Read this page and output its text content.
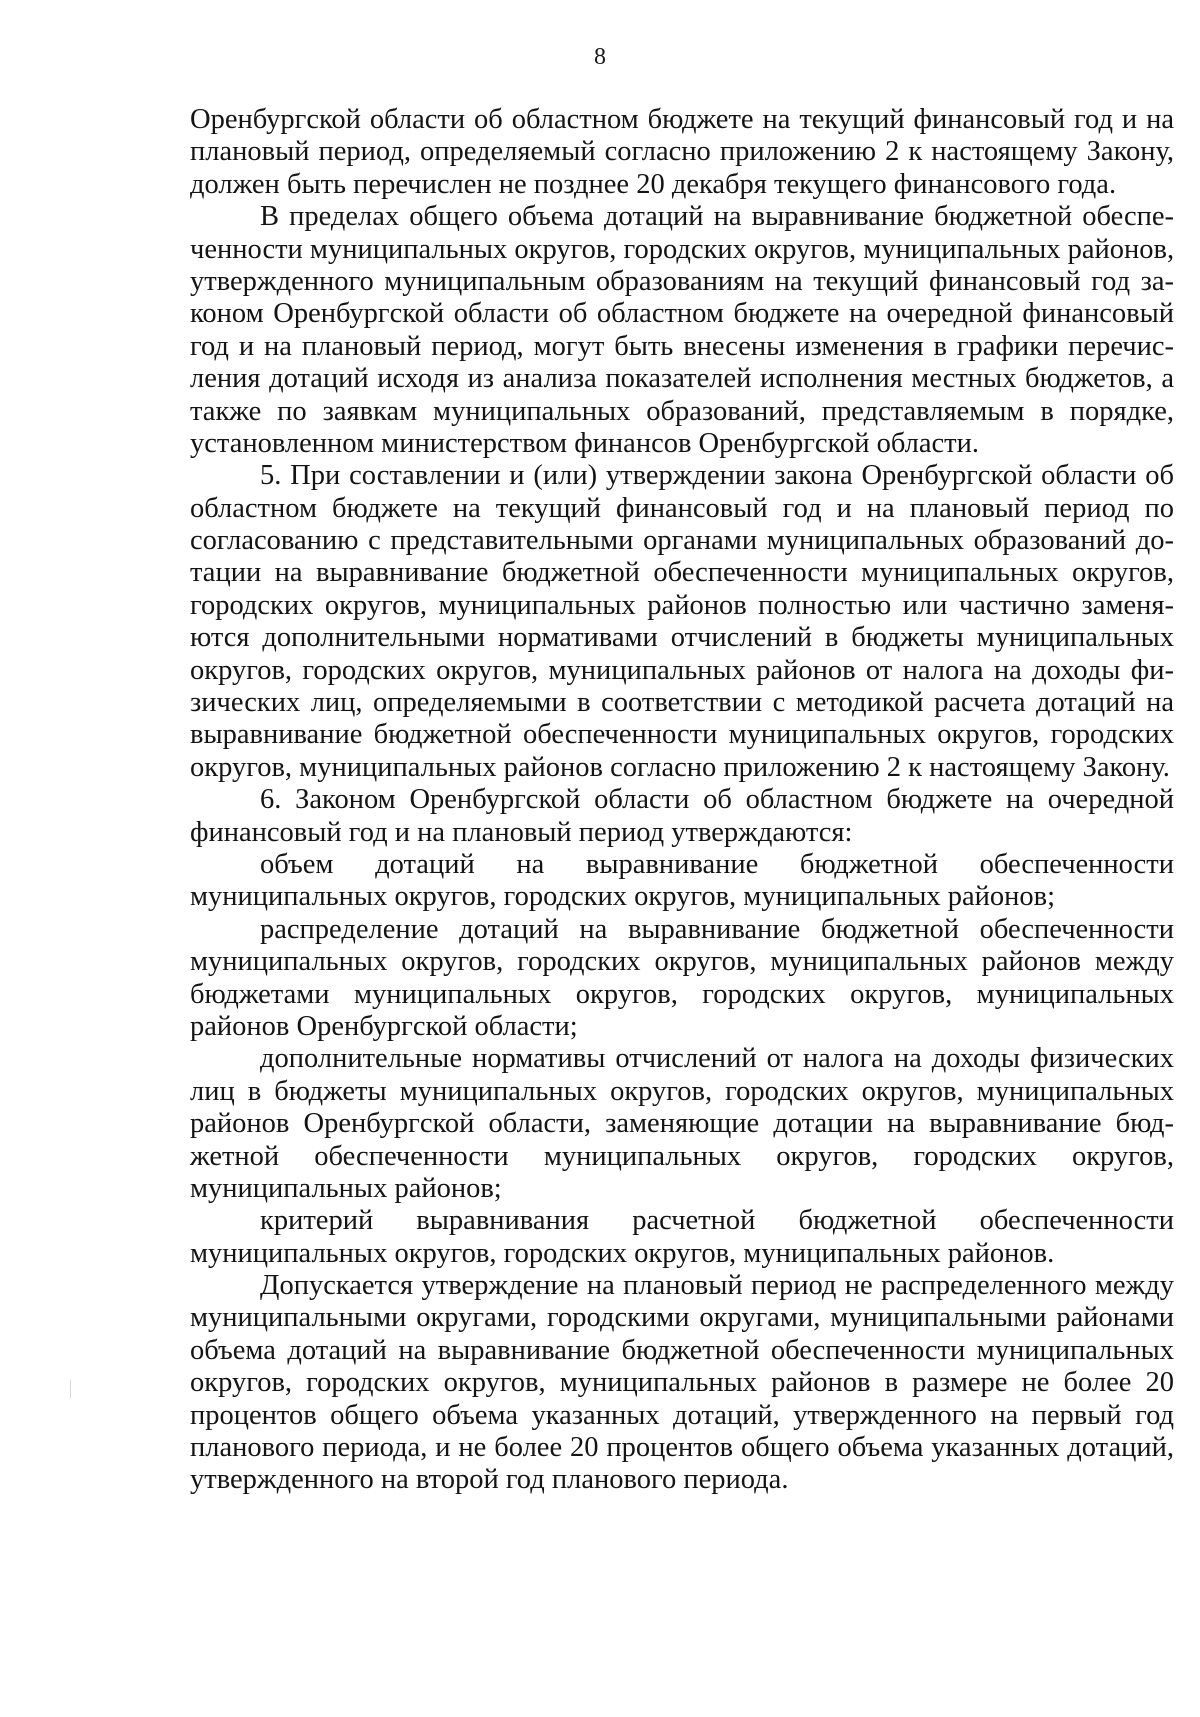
8
Оренбургской области об областном бюджете на текущий финансовый год и на
плановый период, определяемый согласно приложению 2 к настоящему Закону,
должен быть перечислен не позднее 20 декабря текущего финансового года.
В пределах общего объема дотаций на выравнивание бюджетной обеспе-
ченности муниципальных округов, городских округов, муниципальных районов,
утвержденного муниципальным образованиям на текущий финансовый год за-
коном Оренбургской области об областном бюджете на очередной финансовый
год и на плановый период, могут быть внесены изменения в графики перечис-
ления дотаций исходя из анализа показателей исполнения местных бюджетов, а
также по заявкам муниципальных образований, представляемым в порядке,
установленном министерством финансов Оренбургской области.
5. При составлении и (или) утверждении закона Оренбургской области об
областном бюджете на текущий финансовый год и на плановый период по
согласованию с представительными органами муниципальных образований до-
тации на выравнивание бюджетной обеспеченности муниципальных округов,
городских округов, муниципальных районов полностью или частично заменя-
ются дополнительными нормативами отчислений в бюджеты муниципальных
округов, городских округов, муниципальных районов от налога на доходы фи-
зических лиц, определяемыми в соответствии с методикой расчета дотаций на
выравнивание бюджетной обеспеченности муниципальных округов, городских
округов, муниципальных районов согласно приложению 2 к настоящему Закону.
6. Законом Оренбургской области об областном бюджете на очередной
финансовый год и на плановый период утверждаются:
объем дотаций на выравнивание бюджетной обеспеченности
муниципальных округов, городских округов, муниципальных районов;
распределение дотаций на выравнивание бюджетной обеспеченности
муниципальных округов, городских округов, муниципальных районов между
бюджетами муниципальных округов, городских округов, муниципальных
районов Оренбургской области;
дополнительные нормативы отчислений от налога на доходы физических
лиц в бюджеты муниципальных округов, городских округов, муниципальных
районов Оренбургской области, заменяющие дотации на выравнивание бюд-
жетной обеспеченности муниципальных округов, городских округов,
муниципальных районов;
критерий выравнивания расчетной бюджетной обеспеченности
муниципальных округов, городских округов, муниципальных районов.
Допускается утверждение на плановый период не распределенного между
муниципальными округами, городскими округами, муниципальными районами
объема дотаций на выравнивание бюджетной обеспеченности муниципальных
округов, городских округов, муниципальных районов в размере не более 20
процентов общего объема указанных дотаций, утвержденного на первый год
планового периода, и не более 20 процентов общего объема указанных дотаций,
утвержденного на второй год планового периода.
